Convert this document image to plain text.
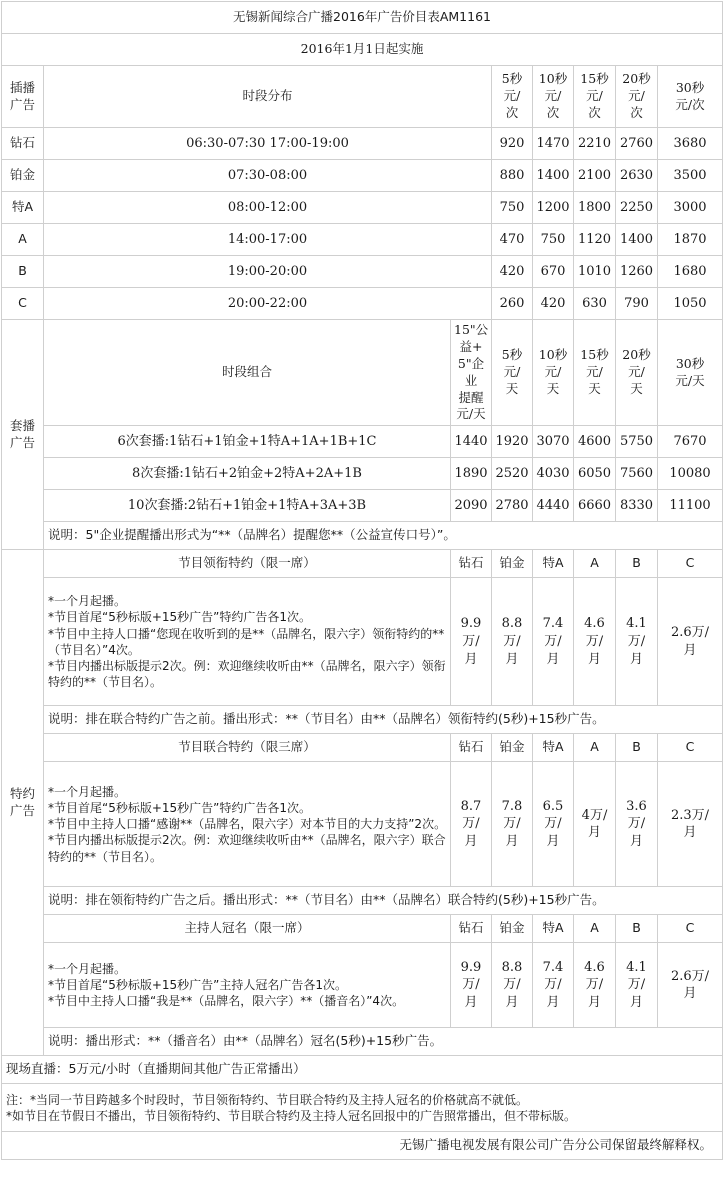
无锡新闻综合广播2016年广告价目表AM1161							
2016年1月1日起实施							

插播
广告	时段分布		5秒
元/
次	10秒
元/
次	15秒
元/
次	20秒
元/
次	30秒
元/次

钻石	06:30-07:30 17:00-19:00		920	1470	2210	2760	3680
铂金	07:30-08:00		880	1400	2100	2630	3500
特A	08:00-12:00		750	1200	1800	2250	3000
A	14:00-17:00		470	750	1120	1400	1870
B	19:00-20:00		420	670	1010	1260	1680
C	20:00-22:00		260	420	630	790	1050

套播
广告	时段组合	15"公
益+
5"企业
提醒
元/天	5秒
元/
天	10秒
元/
天	15秒
元/
天	20秒
元/
天	30秒
元/天

	6次套播:1钻石+1铂金+1特A+1A+1B+1C	1440	1920	3070	4600	5750	7670
	8次套播:1钻石+2铂金+2特A+2A+1B	1890	2520	4030	6050	7560	10080
	10次套播:2钻石+1铂金+1特A+3A+3B	2090	2780	4440	6660	8330	11100
	说明：5"企业提醒播出形式为“**（品牌名）提醒您**（公益宣传口号）”。						

特约
广告	节目领衔特约（限一席）	钻石	铂金	特A	A	B	C

	*一个月起播。
*节目首尾“5秒标版+15秒广告”特约广告各1次。
*节目中主持人口播“您现在收听到的是**（品牌名，限六字）领衔特约的**（节目名）”4次。
*节目内播出标版提示2次。例：欢迎继续收听由**（品牌名，限六字）领衔特约的**（节目名）。	9.9万/
月	8.8
万/
月	7.4
万/
月	4.6
万/
月	4.1
万/
月	2.6万/
月

	说明：排在联合特约广告之前。播出形式：**（节目名）由**（品牌名）领衔特约(5秒)+15秒广告。						
	节目联合特约（限三席）	钻石	铂金	特A	A	B	C

	*一个月起播。
*节目首尾“5秒标版+15秒广告”特约广告各1次。
*节目中主持人口播“感谢**（品牌名，限六字）对本节目的大力支持”2次。
*节目内播出标版提示2次。例：欢迎继续收听由**（品牌名，限六字）联合特约的**（节目名）。	8.7万/
月	7.8
万/
月	6.5
万/
月	4万/
月	3.6
万/
月	2.3万/
月

	说明：排在领衔特约广告之后。播出形式：**（节目名）由**（品牌名）联合特约(5秒)+15秒广告。						
	主持人冠名（限一席）	钻石	铂金	特A	A	B	C

	*一个月起播。
*节目首尾“5秒标版+15秒广告”主持人冠名广告各1次。
*节目中主持人口播“我是**（品牌名，限六字）**（播音名）”4次。	9.9万/
月	8.8
万/
月	7.4
万/
月	4.6
万/
月	4.1
万/
月	2.6万/
月

	说明：播出形式：**（播音名）由**（品牌名）冠名(5秒)+15秒广告。						
现场直播：5万元/小时（直播期间其他广告正常播出）							

注：*当同一节目跨越多个时段时，节目领衔特约、节目联合特约及主持人冠名的价格就高不就低。
*如节目在节假日不播出，节目领衔特约、节目联合特约及主持人冠名回报中的广告照常播出，但不带标版。							

无锡广播电视发展有限公司广告分公司保留最终解释权。							
